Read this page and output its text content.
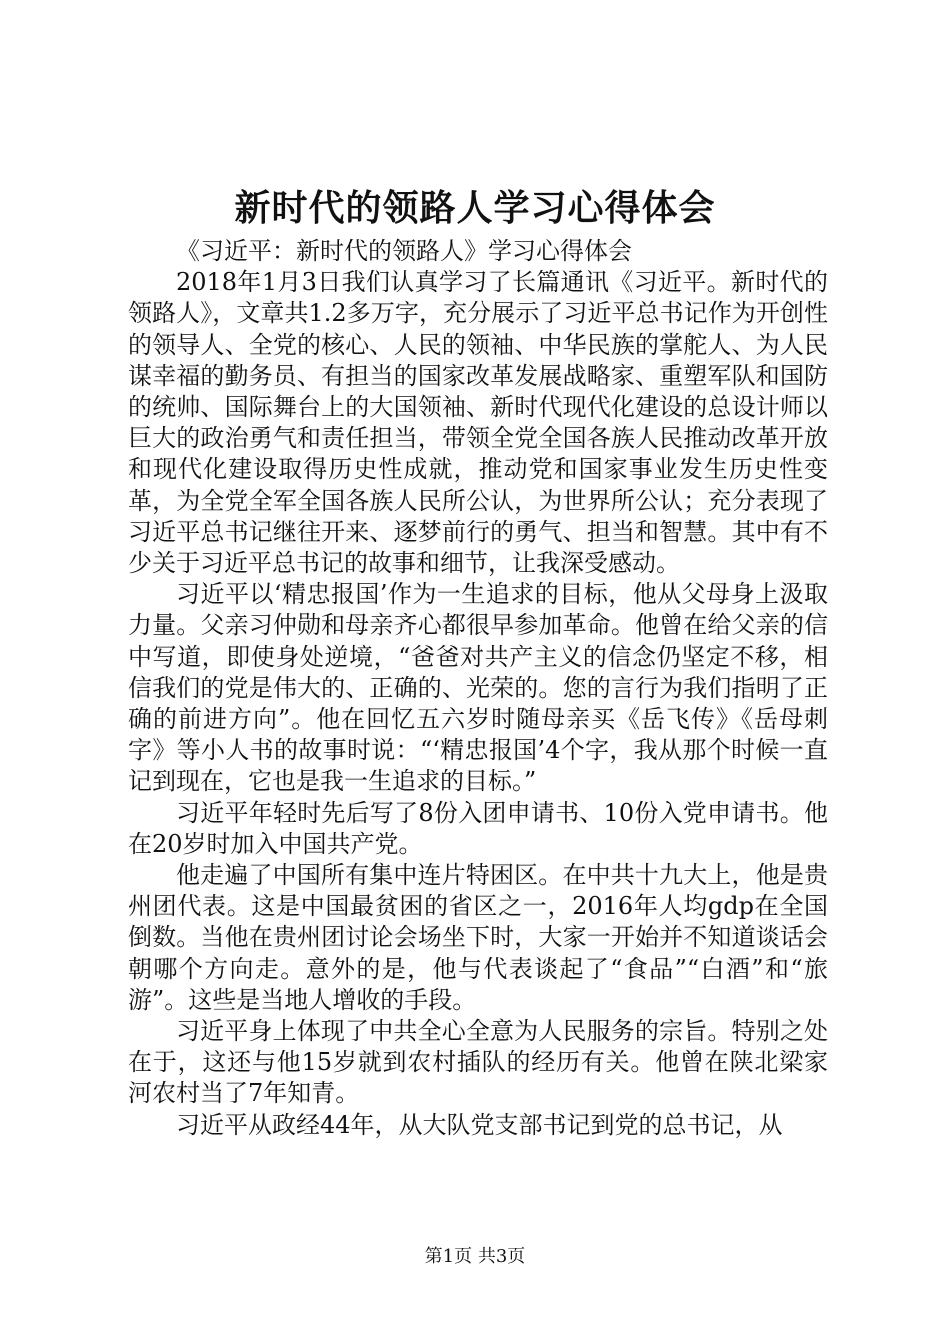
新时代的领路人学习心得体会

《习近平：新时代的领路人》学习心得体会

2018年1月3日我们认真学习了长篇通讯《习近平。新时代的领路人》，文章共1.2多万字，充分展示了习近平总书记作为开创性的领导人、全党的核心、人民的领袖、中华民族的掌舵人、为人民谋幸福的勤务员、有担当的国家改革发展战略家、重塑军队和国防的统帅、国际舞台上的大国领袖、新时代现代化建设的总设计师以巨大的政治勇气和责任担当，带领全党全国各族人民推动改革开放和现代化建设取得历史性成就，推动党和国家事业发生历史性变革，为全党全军全国各族人民所公认，为世界所公认；充分表现了习近平总书记继往开来、逐梦前行的勇气、担当和智慧。其中有不少关于习近平总书记的故事和细节，让我深受感动。

习近平以‘精忠报国’作为一生追求的目标，他从父母身上汲取力量。父亲习仲勋和母亲齐心都很早参加革命。他曾在给父亲的信中写道，即使身处逆境，“爸爸对共产主义的信念仍坚定不移，相信我们的党是伟大的、正确的、光荣的。您的言行为我们指明了正确的前进方向”。他在回忆五六岁时随母亲买《岳飞传》《岳母刺字》等小人书的故事时说：“‘精忠报国’4个字，我从那个时候一直记到现在，它也是我一生追求的目标。”

习近平年轻时先后写了8份入团申请书、10份入党申请书。他在20岁时加入中国共产党。

他走遍了中国所有集中连片特困区。在中共十九大上，他是贵州团代表。这是中国最贫困的省区之一，2016年人均gdp在全国倒数。当他在贵州团讨论会场坐下时，大家一开始并不知道谈话会朝哪个方向走。意外的是，他与代表谈起了“食品”“白酒”和“旅游”。这些是当地人增收的手段。

习近平身上体现了中共全心全意为人民服务的宗旨。特别之处在于，这还与他15岁就到农村插队的经历有关。他曾在陕北梁家河农村当了7年知青。

习近平从政经44年，从大队党支部书记到党的总书记，从

第1页 共3页
